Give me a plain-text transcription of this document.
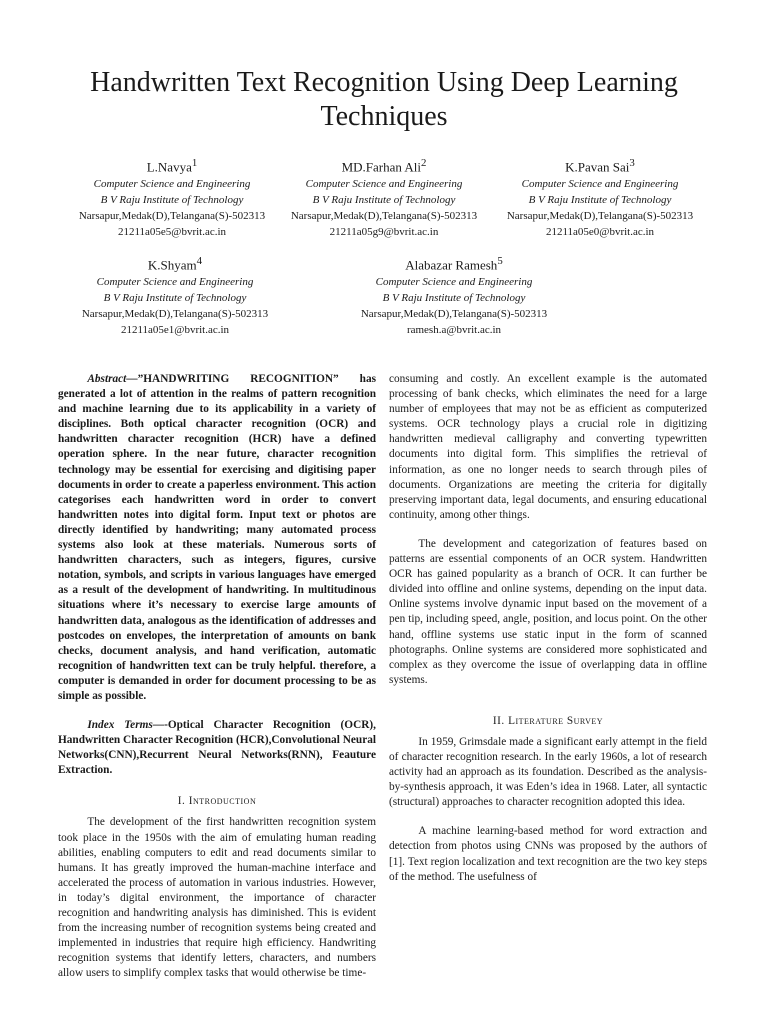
Handwritten Text Recognition Using Deep Learning Techniques
L.Navya$^1$
Computer Science and Engineering
B V Raju Institute of Technology
Narsapur,Medak(D),Telangana(S)-502313
21211a05e5@bvrit.ac.in
MD.Farhan Ali$^2$
Computer Science and Engineering
B V Raju Institute of Technology
Narsapur,Medak(D),Telangana(S)-502313
21211a05g9@bvrit.ac.in
K.Pavan Sai$^3$
Computer Science and Engineering
B V Raju Institute of Technology
Narsapur,Medak(D),Telangana(S)-502313
21211a05e0@bvrit.ac.in
K.Shyam$^4$
Computer Science and Engineering
B V Raju Institute of Technology
Narsapur,Medak(D),Telangana(S)-502313
21211a05e1@bvrit.ac.in
Alabazar Ramesh$^5$
Computer Science and Engineering
B V Raju Institute of Technology
Narsapur,Medak(D),Telangana(S)-502313
ramesh.a@bvrit.ac.in

Abstract—”HANDWRITING RECOGNITION” has generated a lot of attention in the realms of pattern recognition and machine learning due to its applicability in a variety of disciplines. Both optical character recognition (OCR) and handwritten character recognition (HCR) have a defined operation sphere. In the near future, character recognition technology may be essential for exercising and digitising paper documents in order to create a paperless environment. This action categorises each handwritten word in order to convert handwritten notes into digital form. Input text or photos are directly identified by handwriting; many automated process systems also look at these materials. Numerous sorts of handwritten characters, such as integers, figures, cursive notation, symbols, and scripts in various languages have emerged as a result of the development of handwriting. In multitudinous situations where it’s necessary to exercise large amounts of handwritten data, analogous as the identification of addresses and postcodes on envelopes, the interpretation of amounts on bank checks, document analysis, and hand verification, automatic recognition of handwritten text can be truly helpful. therefore, a computer is demanded in order for document processing to be as simple as possible.

Index Terms—-Optical Character Recognition (OCR), Handwritten Character Recognition (HCR),Convolutional Neural Networks(CNN),Recurrent Neural Networks(RNN), Feauture Extraction.

I. Introduction

The development of the first handwritten recognition system took place in the 1950s with the aim of emulating human reading abilities, enabling computers to edit and read documents similar to humans. It has greatly improved the human-machine interface and accelerated the process of automation in various industries. However, in today’s digital environment, the importance of character recognition and handwriting analysis has diminished. This is evident from the increasing number of recognition systems being created and implemented in industries that require high efficiency. Handwriting recognition systems that identify letters, characters, and numbers allow users to simplify complex tasks that would otherwise be time-

consuming and costly. An excellent example is the automated processing of bank checks, which eliminates the need for a large number of employees that may not be as efficient as computerized systems. OCR technology plays a crucial role in digitizing handwritten medieval calligraphy and converting typewritten documents into digital form. This simplifies the retrieval of information, as one no longer needs to search through piles of documents. Organizations are meeting the criteria for digitally preserving important data, legal documents, and ensuring educational continuity, among other things.

The development and categorization of features based on patterns are essential components of an OCR system. Handwritten OCR has gained popularity as a branch of OCR. It can further be divided into offline and online systems, depending on the input data. Online systems involve dynamic input based on the movement of a pen tip, including speed, angle, position, and locus point. On the other hand, offline systems use static input in the form of scanned photographs. Online systems are considered more sophisticated and complex as they overcome the issue of overlapping data in offline systems.

II. Literature Survey

In 1959, Grimsdale made a significant early attempt in the field of character recognition research. In the early 1960s, a lot of research activity had an approach as its foundation. Described as the analysis-by-synthesis approach, it was Eden’s idea in 1968. Later, all syntactic (structural) approaches to character recognition adopted this idea.

A machine learning-based method for word extraction and detection from photos using CNNs was proposed by the authors of [1]. Text region localization and text recognition are the two key steps of the method. The usefulness of
